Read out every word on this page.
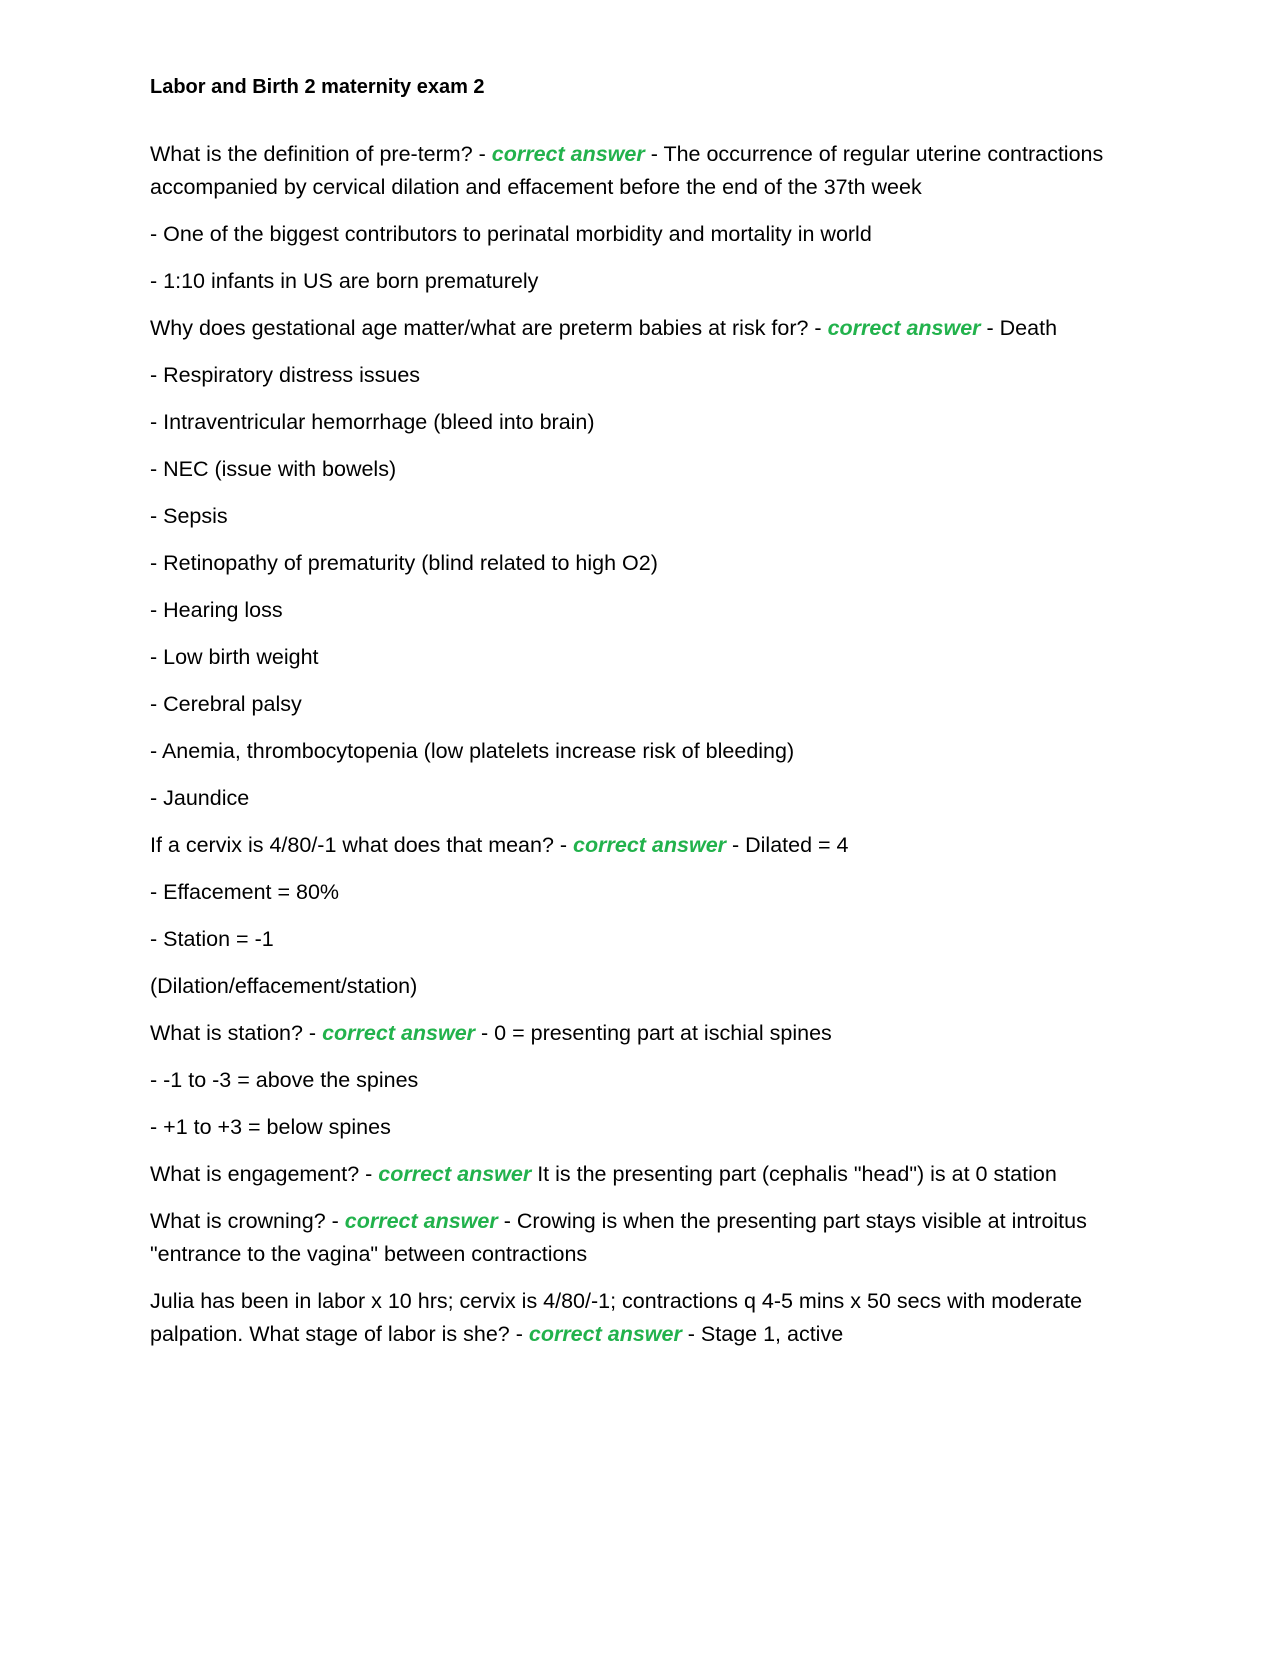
Labor and Birth 2 maternity exam 2
What is the definition of pre-term? - correct answer - The occurrence of regular uterine contractions accompanied by cervical dilation and effacement before the end of the 37th week
- One of the biggest contributors to perinatal morbidity and mortality in world
- 1:10 infants in US are born prematurely
Why does gestational age matter/what are preterm babies at risk for? - correct answer - Death
- Respiratory distress issues
- Intraventricular hemorrhage (bleed into brain)
- NEC (issue with bowels)
- Sepsis
- Retinopathy of prematurity (blind related to high O2)
- Hearing loss
- Low birth weight
- Cerebral palsy
- Anemia, thrombocytopenia (low platelets increase risk of bleeding)
- Jaundice
If a cervix is 4/80/-1 what does that mean? - correct answer - Dilated = 4
- Effacement = 80%
- Station = -1
(Dilation/effacement/station)
What is station? - correct answer - 0 = presenting part at ischial spines
- -1 to -3 = above the spines
- +1 to +3 = below spines
What is engagement? - correct answer It is the presenting part (cephalis "head") is at 0 station
What is crowning? - correct answer - Crowing is when the presenting part stays visible at introitus "entrance to the vagina" between contractions
Julia has been in labor x 10 hrs; cervix is 4/80/-1; contractions q 4-5 mins x 50 secs with moderate palpation. What stage of labor is she? - correct answer - Stage 1, active
